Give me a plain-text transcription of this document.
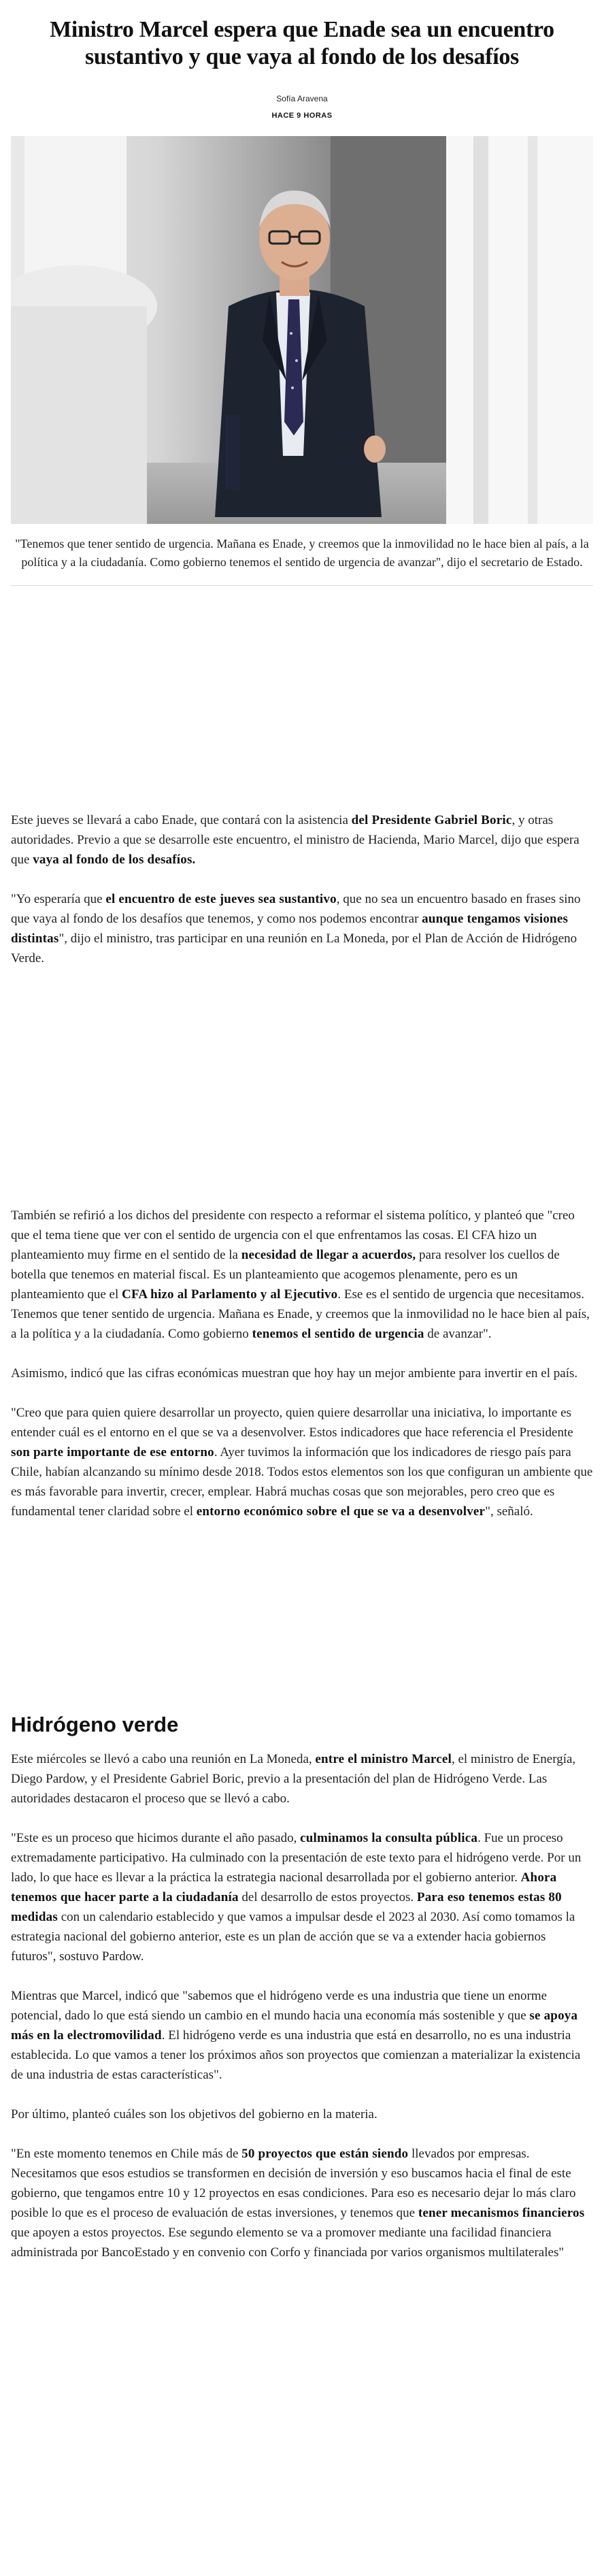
Ministro Marcel espera que Enade sea un encuentro sustantivo y que vaya al fondo de los desafíos
Sofía Aravena
HACE 9 HORAS
"Tenemos que tener sentido de urgencia. Mañana es Enade, y creemos que la inmovilidad no le hace bien al país, a la política y a la ciudadanía. Como gobierno tenemos el sentido de urgencia de avanzar", dijo el secretario de Estado.

Este jueves se llevará a cabo Enade, que contará con la asistencia del Presidente Gabriel Boric, y otras autoridades. Previo a que se desarrolle este encuentro, el ministro de Hacienda, Mario Marcel, dijo que espera que vaya al fondo de los desafíos.

"Yo esperaría que el encuentro de este jueves sea sustantivo, que no sea un encuentro basado en frases sino que vaya al fondo de los desafíos que tenemos, y como nos podemos encontrar aunque tengamos visiones distintas", dijo el ministro, tras participar en una reunión en La Moneda, por el Plan de Acción de Hidrógeno Verde.

También se refirió a los dichos del presidente con respecto a reformar el sistema político, y planteó que "creo que el tema tiene que ver con el sentido de urgencia con el que enfrentamos las cosas. El CFA hizo un planteamiento muy firme en el sentido de la necesidad de llegar a acuerdos, para resolver los cuellos de botella que tenemos en material fiscal. Es un planteamiento que acogemos plenamente, pero es un planteamiento que el CFA hizo al Parlamento y al Ejecutivo. Ese es el sentido de urgencia que necesitamos. Tenemos que tener sentido de urgencia. Mañana es Enade, y creemos que la inmovilidad no le hace bien al país, a la política y a la ciudadanía. Como gobierno tenemos el sentido de urgencia de avanzar".

Asimismo, indicó que las cifras económicas muestran que hoy hay un mejor ambiente para invertir en el país.

"Creo que para quien quiere desarrollar un proyecto, quien quiere desarrollar una iniciativa, lo importante es entender cuál es el entorno en el que se va a desenvolver. Estos indicadores que hace referencia el Presidente son parte importante de ese entorno. Ayer tuvimos la información que los indicadores de riesgo país para Chile, habían alcanzando su mínimo desde 2018. Todos estos elementos son los que configuran un ambiente que es más favorable para invertir, crecer, emplear. Habrá muchas cosas que son mejorables, pero creo que es fundamental tener claridad sobre el entorno económico sobre el que se va a desenvolver", señaló.

Hidrógeno verde

Este miércoles se llevó a cabo una reunión en La Moneda, entre el ministro Marcel, el ministro de Energía, Diego Pardow, y el Presidente Gabriel Boric, previo a la presentación del plan de Hidrógeno Verde. Las autoridades destacaron el proceso que se llevó a cabo.

"Este es un proceso que hicimos durante el año pasado, culminamos la consulta pública. Fue un proceso extremadamente participativo. Ha culminado con la presentación de este texto para el hidrógeno verde. Por un lado, lo que hace es llevar a la práctica la estrategia nacional desarrollada por el gobierno anterior. Ahora tenemos que hacer parte a la ciudadanía del desarrollo de estos proyectos. Para eso tenemos estas 80 medidas con un calendario establecido y que vamos a impulsar desde el 2023 al 2030. Así como tomamos la estrategia nacional del gobierno anterior, este es un plan de acción que se va a extender hacia gobiernos futuros", sostuvo Pardow.

Mientras que Marcel, indicó que "sabemos que el hidrógeno verde es una industria que tiene un enorme potencial, dado lo que está siendo un cambio en el mundo hacia una economía más sostenible y que se apoya más en la electromovilidad. El hidrógeno verde es una industria que está en desarrollo, no es una industria establecida. Lo que vamos a tener los próximos años son proyectos que comienzan a materializar la existencia de una industria de estas características".

Por último, planteó cuáles son los objetivos del gobierno en la materia.

"En este momento tenemos en Chile más de 50 proyectos que están siendo llevados por empresas. Necesitamos que esos estudios se transformen en decisión de inversión y eso buscamos hacia el final de este gobierno, que tengamos entre 10 y 12 proyectos en esas condiciones. Para eso es necesario dejar lo más claro posible lo que es el proceso de evaluación de estas inversiones, y tenemos que tener mecanismos financieros que apoyen a estos proyectos. Ese segundo elemento se va a promover mediante una facilidad financiera administrada por BancoEstado y en convenio con Corfo y financiada por varios organismos multilaterales"
